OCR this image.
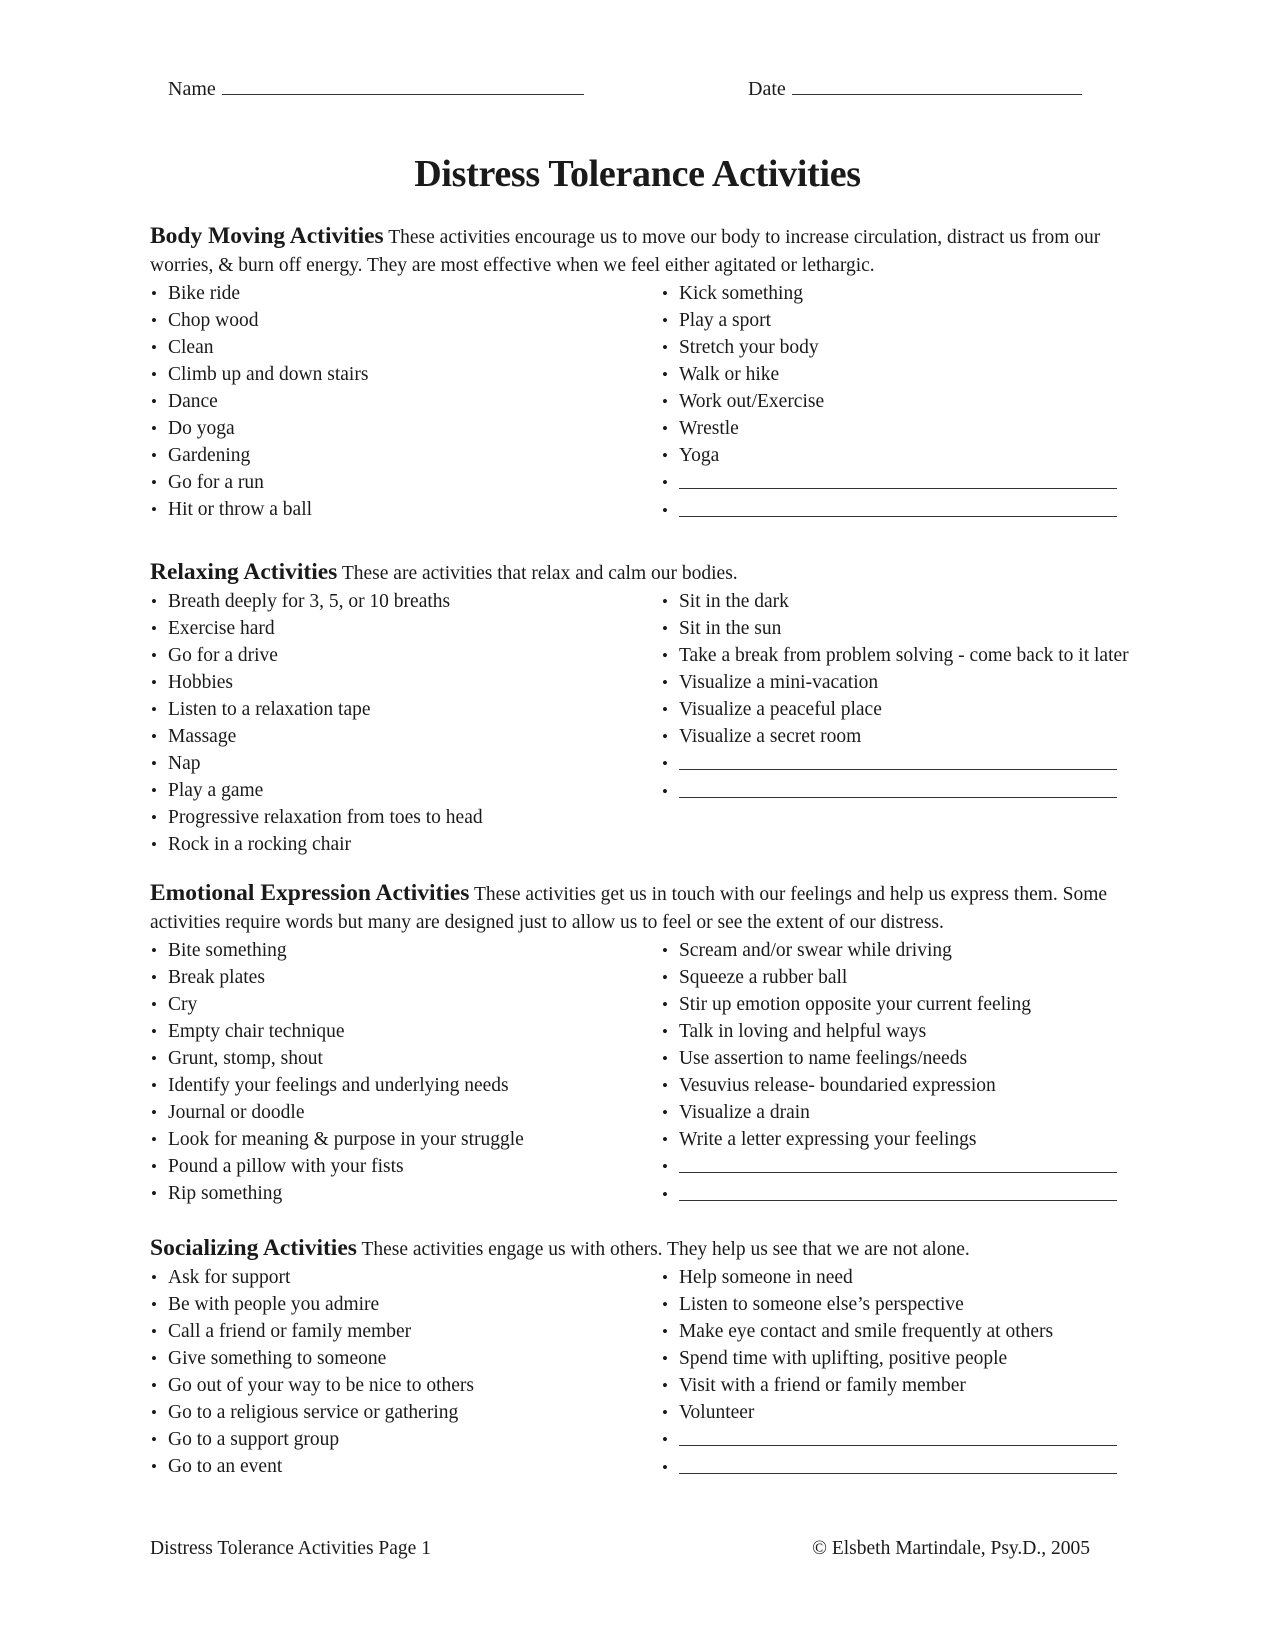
Name	Date
Distress Tolerance Activities

Body Moving Activities These activities encourage us to move our body to increase circulation, distract us from our worries, & burn off energy. They are most effective when we feel either agitated or lethargic.

• Bike ride
• Chop wood
• Clean
• Climb up and down stairs
• Dance
• Do yoga
• Gardening
• Go for a run
• Hit or throw a ball
• Kick something
• Play a sport
• Stretch your body
• Walk or hike
• Work out/Exercise
• Wrestle
• Yoga
•
•

Relaxing Activities These are activities that relax and calm our bodies.

• Breath deeply for 3, 5, or 10 breaths
• Exercise hard
• Go for a drive
• Hobbies
• Listen to a relaxation tape
• Massage
• Nap
• Play a game
• Progressive relaxation from toes to head
• Rock in a rocking chair
• Sit in the dark
• Sit in the sun
• Take a break from problem solving - come back to it later
• Visualize a mini-vacation
• Visualize a peaceful place
• Visualize a secret room
•
•

Emotional Expression Activities These activities get us in touch with our feelings and help us express them. Some activities require words but many are designed just to allow us to feel or see the extent of our distress.

• Bite something
• Break plates
• Cry
• Empty chair technique
• Grunt, stomp, shout
• Identify your feelings and underlying needs
• Journal or doodle
• Look for meaning & purpose in your struggle
• Pound a pillow with your fists
• Rip something
• Scream and/or swear while driving
• Squeeze a rubber ball
• Stir up emotion opposite your current feeling
• Talk in loving and helpful ways
• Use assertion to name feelings/needs
• Vesuvius release- boundaried expression
• Visualize a drain
• Write a letter expressing your feelings
•
•

Socializing Activities These activities engage us with others. They help us see that we are not alone.

• Ask for support
• Be with people you admire
• Call a friend or family member
• Give something to someone
• Go out of your way to be nice to others
• Go to a religious service or gathering
• Go to a support group
• Go to an event
• Help someone in need
• Listen to someone else’s perspective
• Make eye contact and smile frequently at others
• Spend time with uplifting, positive people
• Visit with a friend or family member
• Volunteer
•
•
Distress Tolerance Activities Page 1	© Elsbeth Martindale, Psy.D., 2005
